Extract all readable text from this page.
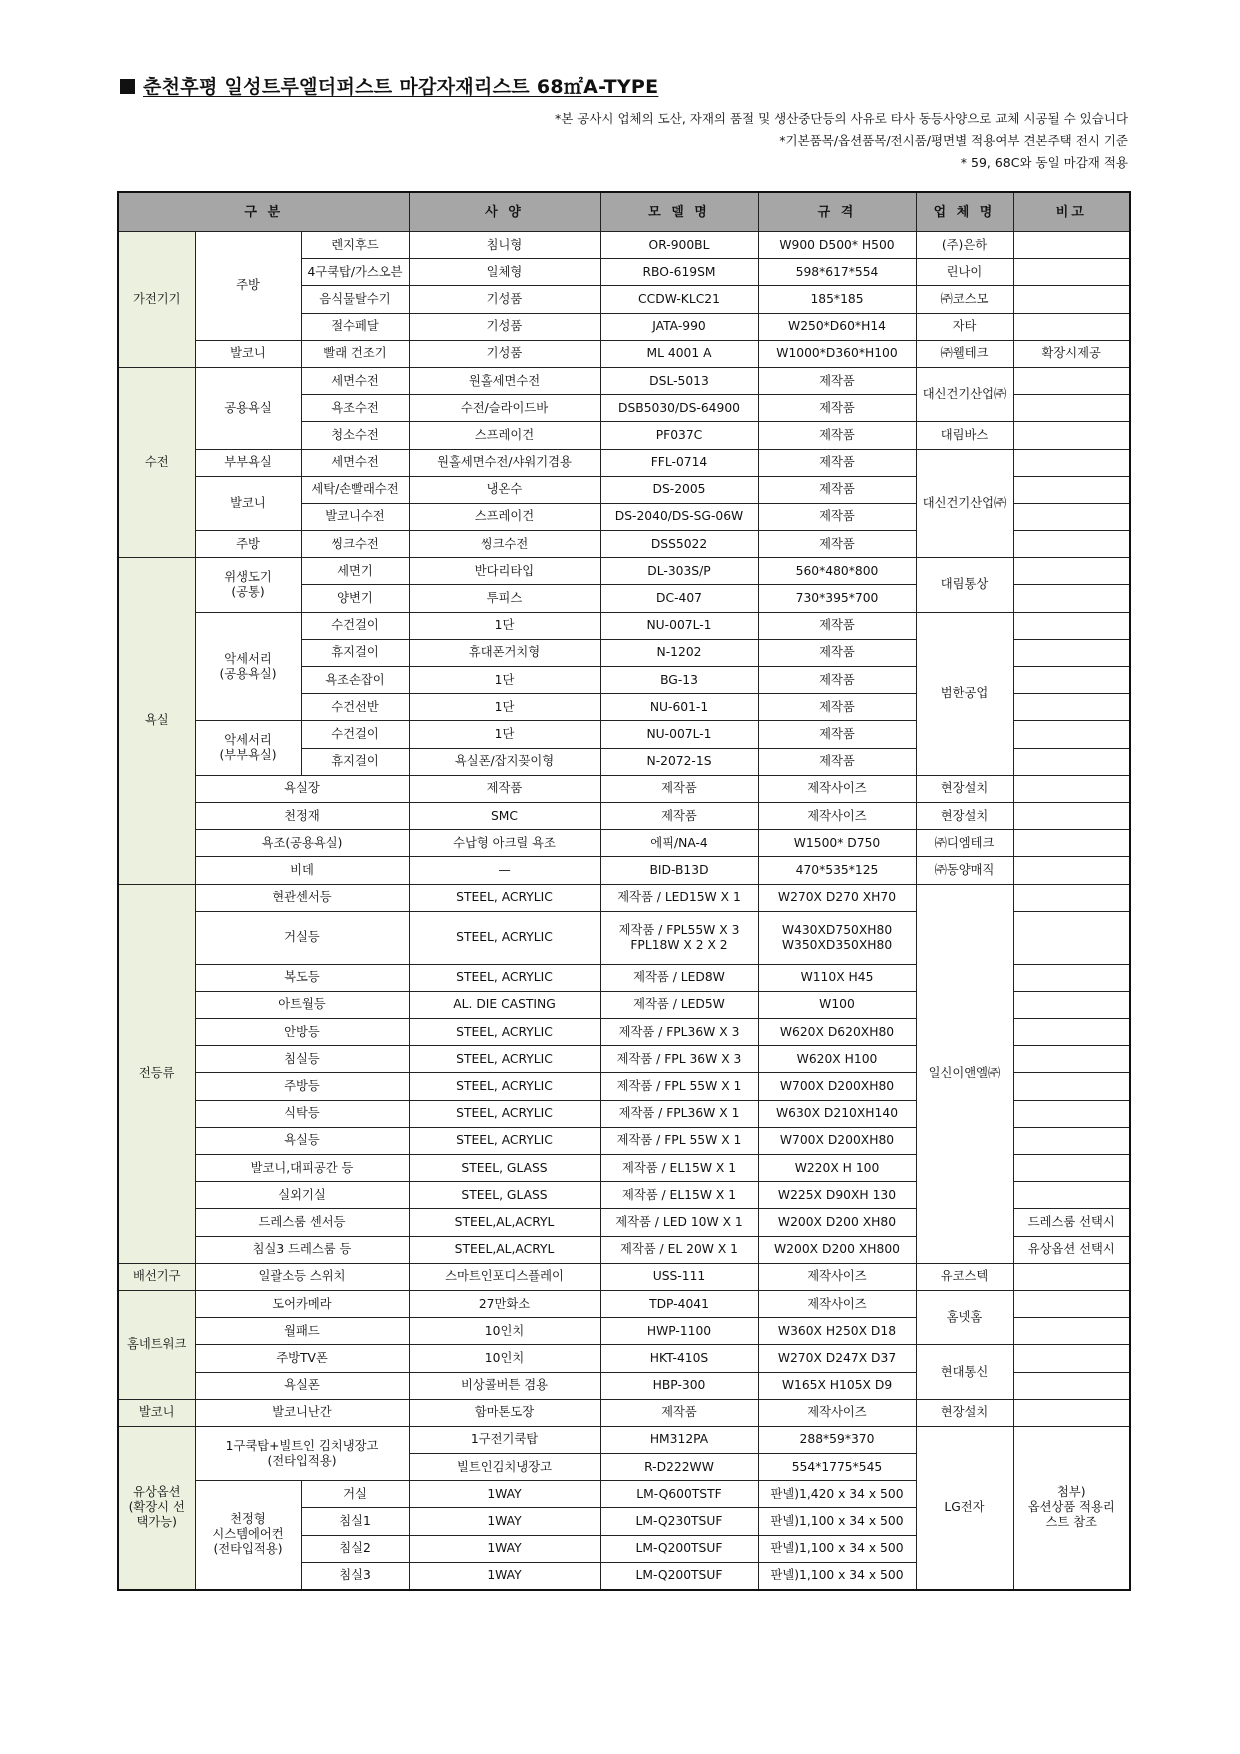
춘천후평 일성트루엘더퍼스트 마감자재리스트 68㎡A-TYPE
*본 공사시 업체의 도산, 자재의 품절 및 생산중단등의 사유로 타사 동등사양으로 교체 시공될 수 있습니다
*기본품목/옵션품목/전시품/평면별 적용여부 견본주택 전시 기준
* 59, 68C와 동일 마감재 적용
구 분			사 양	모 델 명	규 격	업 체 명	비고
가전기기	주방	렌지후드	침니형	OR-900BL	W900 D500* H500	(주)은하	
		4구쿡탑/가스오븐	일체형	RBO-619SM	598*617*554	린나이	
		음식물탈수기	기성품	CCDW-KLC21	185*185	㈜코스모	
		절수페달	기성품	JATA-990	W250*D60*H14	자타	
	발코니	빨래 건조기	기성품	ML 4001 A	W1000*D360*H100	㈜웰테크	확장시제공
수전	공용욕실	세면수전	원홀세면수전	DSL-5013	제작품	대신건기산업㈜	
		욕조수전	수전/슬라이드바	DSB5030/DS-64900	제작품		
		청소수전	스프레이건	PF037C	제작품	대림바스	
	부부욕실	세면수전	원홀세면수전/샤워기겸용	FFL-0714	제작품	대신건기산업㈜	
	발코니	세탁/손빨래수전	냉온수	DS-2005	제작품		
		발코니수전	스프레이건	DS-2040/DS-SG-06W	제작품		
	주방	씽크수전	씽크수전	DSS5022	제작품		
욕실	위생도기
(공통)	세면기	반다리타입	DL-303S/P	560*480*800	대림통상	
		양변기	투피스	DC-407	730*395*700		
	악세서리
(공용욕실)	수건걸이	1단	NU-007L-1	제작품	범한공업	
		휴지걸이	휴대폰거치형	N-1202	제작품		
		욕조손잡이	1단	BG-13	제작품		
		수건선반	1단	NU-601-1	제작품		
	악세서리
(부부욕실)	수건걸이	1단	NU-007L-1	제작품		
		휴지걸이	욕실폰/잡지꽂이형	N-2072-1S	제작품		
	욕실장		제작품	제작품	제작사이즈	현장설치	
	천정재		SMC	제작품	제작사이즈	현장설치	
	욕조(공용욕실)		수납형 아크릴 욕조	에픽/NA-4	W1500* D750	㈜디엠테크	
	비데		—	BID-B13D	470*535*125	㈜동양매직	
전등류	현관센서등		STEEL, ACRYLIC	제작품 / LED15W X 1	W270X D270 XH70	일신이앤엘㈜	
	거실등		STEEL, ACRYLIC	제작품 / FPL55W X 3
FPL18W X 2 X 2	W430XD750XH80
W350XD350XH80		
	복도등		STEEL, ACRYLIC	제작품 / LED8W	W110X H45		
	아트월등		AL. DIE CASTING	제작품 / LED5W	W100		
	안방등		STEEL, ACRYLIC	제작품 / FPL36W X 3	W620X D620XH80		
	침실등		STEEL, ACRYLIC	제작품 / FPL 36W X 3	W620X H100		
	주방등		STEEL, ACRYLIC	제작품 / FPL 55W X 1	W700X D200XH80		
	식탁등		STEEL, ACRYLIC	제작품 / FPL36W X 1	W630X D210XH140		
	욕실등		STEEL, ACRYLIC	제작품 / FPL 55W X 1	W700X D200XH80		
	발코니,대피공간 등		STEEL, GLASS	제작품 / EL15W X 1	W220X H 100		
	실외기실		STEEL, GLASS	제작품 / EL15W X 1	W225X D90XH 130		
	드레스룸 센서등		STEEL,AL,ACRYL	제작품 / LED 10W X 1	W200X D200 XH80		드레스룸 선택시
	침실3 드레스룸 등		STEEL,AL,ACRYL	제작품 / EL 20W X 1	W200X D200 XH800		유상옵션 선택시
배선기구	일괄소등 스위치		스마트인포디스플레이	USS-111	제작사이즈	유코스텍	
홈네트워크	도어카메라		27만화소	TDP-4041	제작사이즈	홈넷홈	
	월패드		10인치	HWP-1100	W360X H250X D18		
	주방TV폰		10인치	HKT-410S	W270X D247X D37	현대통신	
	욕실폰		비상콜버튼 겸용	HBP-300	W165X H105X D9		
발코니	발코니난간		함마톤도장	제작품	제작사이즈	현장설치	
유상옵션
(확장시 선
택가능)	1구쿡탑+빌트인 김치냉장고
(전타입적용)		1구전기쿡탑	HM312PA	288*59*370	LG전자	첨부)
옵션상품 적용리
스트 참조
			빌트인김치냉장고	R-D222WW	554*1775*545		
	천정형
시스템에어컨
(전타입적용)	거실	1WAY	LM-Q600TSTF	판넬)1,420 x 34 x 500		
		침실1	1WAY	LM-Q230TSUF	판넬)1,100 x 34 x 500		
		침실2	1WAY	LM-Q200TSUF	판넬)1,100 x 34 x 500		
		침실3	1WAY	LM-Q200TSUF	판넬)1,100 x 34 x 500		
